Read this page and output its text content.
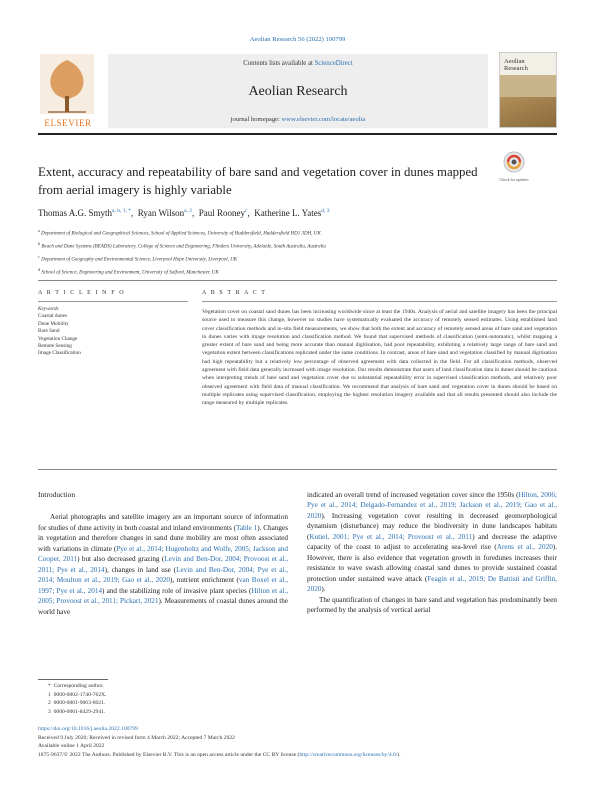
Aeolian Research 56 (2022) 100799
ELSEVIER
Contents lists available at ScienceDirect
Aeolian Research
journal homepage: www.elsevier.com/locate/aeolia
Aeolian
Research
Extent, accuracy and repeatability of bare sand and vegetation cover in dunes mapped from aerial imagery is highly variable
Check for updates
Thomas A.G. Smyth$^{a, b, 1, *}$,  Ryan Wilson$^{a, 2}$,  Paul Rooney$^c$,  Katherine L. Yates$^{d, 3}$
$^a$ Department of Biological and Geographical Sciences, School of Applied Sciences, University of Huddersfield, Huddersfield HD1 3DH, UK
$^b$ Beach and Dune Systems (BEADS) Laboratory, College of Science and Engineering, Flinders University, Adelaide, South Australia, Australia
$^c$ Department of Geography and Environmental Science, Liverpool Hope University, Liverpool, UK
$^d$ School of Science, Engineering and Environment, University of Salford, Manchester, UK
A R T I C L E I N F O	A B S T R A C T
Keywords
Coastal dunes
Dune Mobility
Bare Sand
Vegetation Change
Remote Sensing
Image Classification
Vegetation cover on coastal sand dunes has been increasing worldwide since at least the 1940s. Analysis of aerial and satellite imagery has been the principal source used to measure this change, however no studies have systematically evaluated the accuracy of remotely sensed estimates. Using established land cover classification methods and in-situ field measurements, we show that both the extent and accuracy of remotely sensed areas of bare sand and vegetation in dunes varies with image resolution and classification method. We found that supervised methods of classification (semi-automatic), whilst mapping a greater extent of bare sand and being more accurate than manual digitisation, had poor repeatability, exhibiting a relatively large range of bare sand and vegetation extent between classifications replicated under the same conditions. In contrast, areas of bare sand and vegetation classified by manual digitisation had high repeatability but a relatively low percentage of observed agreement with data collected in the field. For all classification methods, observed agreement with field data generally increased with image resolution. Our results demonstrate that users of land classification data in dunes should be cautious when interpreting trends of bare sand and vegetation cover due to substantial repeatability error in supervised classification methods, and relatively poor observed agreement with field data of manual classification. We recommend that analysis of bare sand and vegetation cover in dunes should be based on multiple replicates using supervised classification, employing the highest resolution imagery available and that all results presented should also include the range measured by multiple replicates.
Introduction

Aerial photographs and satellite imagery are an important source of information for studies of dune activity in both coastal and inland environments (Table 1). Changes in vegetation and therefore changes in sand dune mobility are most often associated with variations in climate (Pye et al., 2014; Hugenholtz and Wolfe, 2005; Jackson and Cooper, 2011) but also decreased grazing (Levin and Ben-Dor, 2004; Provoost et al., 2011; Pye et al., 2014), changes in land use (Levin and Ben-Dor, 2004; Pye et al., 2014; Moulton et al., 2019; Gao et al., 2020), nutrient enrichment (van Boxel et al., 1997; Pye et al., 2014) and the stabilizing role of invasive plant species (Hilton et al., 2005; Provoost et al., 2011; Pickart, 2021). Measurements of coastal dunes around the world have

indicated an overall trend of increased vegetation cover since the 1950s (Hilton, 2006; Pye et al., 2014; Delgado-Fernandez et al., 2019; Jackson et al., 2019; Gao et al., 2020). Increasing vegetation cover resulting in decreased geomorphological dynamism (disturbance) may reduce the biodiversity in dune landscapes habitats (Kutiel, 2001; Pye et al., 2014; Provoost et al., 2011) and decrease the adaptive capacity of the coast to adjust to accelerating sea-level rise (Arens et al., 2020). However, there is also evidence that vegetation growth in foredunes increases their resistance to wave swash allowing coastal sand dunes to provide sustained coastal protection under sustained wave attack (Feagin et al., 2019; De Battisti and Griffin, 2020).

The quantification of changes in bare sand and vegetation has predominantly been performed by the analysis of vertical aerial

* Corresponding author.
1 0000-0002-1740-762X.
2 0000-0001-9063-8021.
3 0000-0001-8429-2941.
https://doi.org/10.1016/j.aeolia.2022.100799
Received 9 July 2020; Received in revised form 4 March 2022; Accepted 7 March 2022
Available online 1 April 2022
1875-9637/© 2022 The Authors. Published by Elsevier B.V. This is an open access article under the CC BY license (http://creativecommons.org/licenses/by/4.0/).
